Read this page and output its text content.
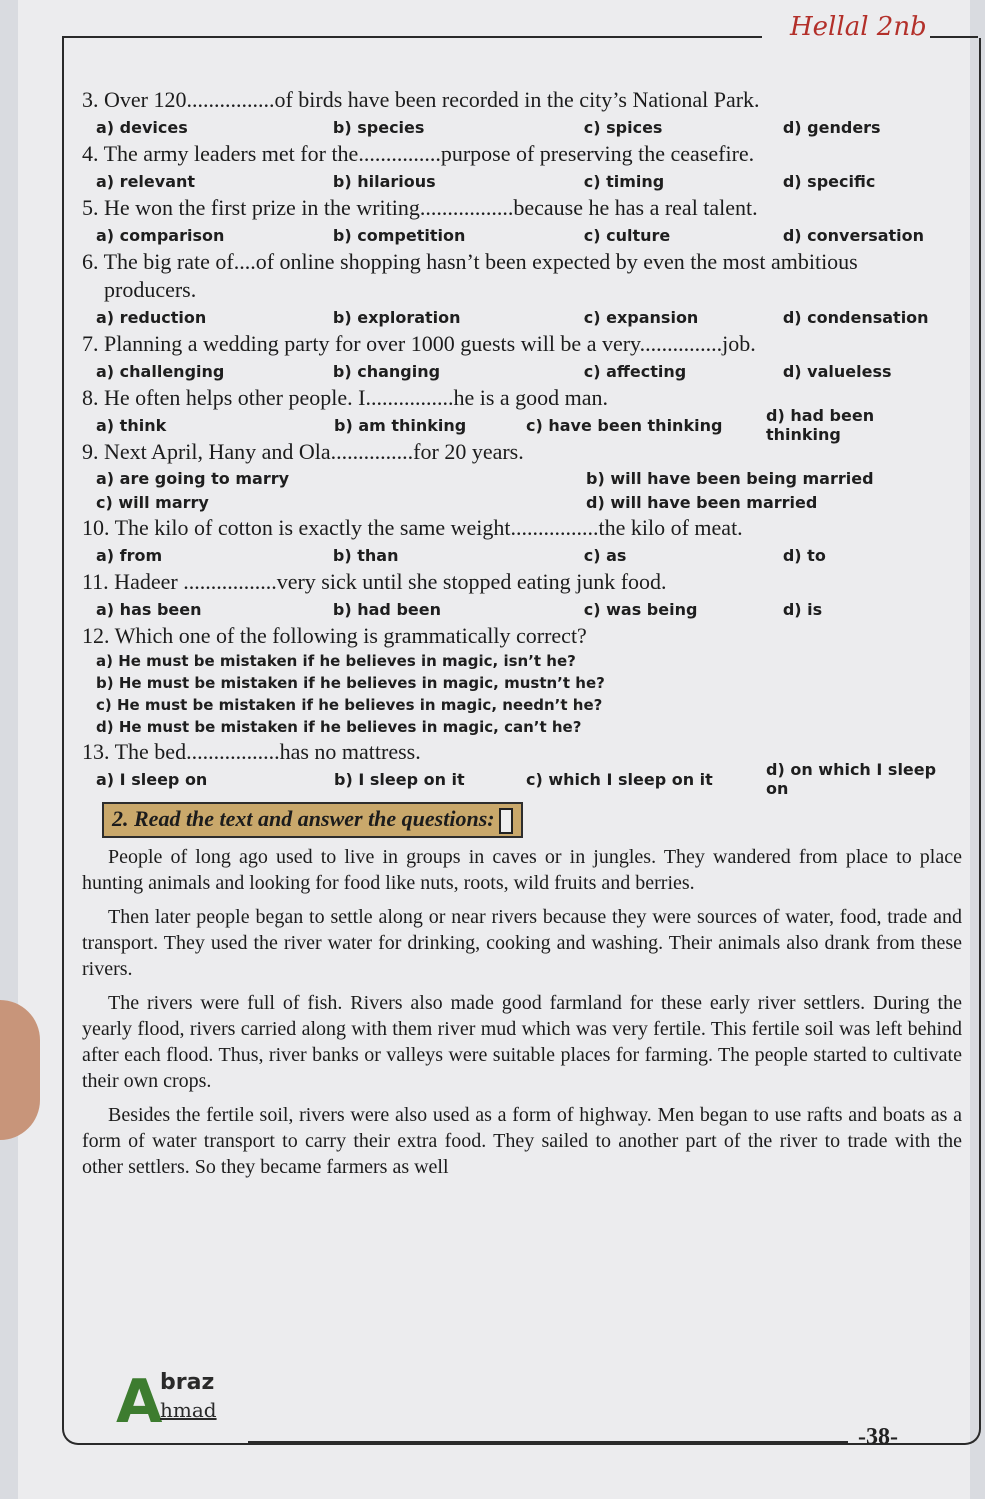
Hellal 2nb

3. Over 120................of birds have been recorded in the city’s National Park.

a) devices	b) species	c) spices	d) genders

4. The army leaders met for the...............purpose of preserving the ceasefire.

a) relevant	b) hilarious	c) timing	d) specific

5. He won the first prize in the writing.................because he has a real talent.

a) comparison	b) competition	c) culture	d) conversation

6. The big rate of....of online shopping hasn’t been expected by even the most ambitious

producers.

a) reduction	b) exploration	c) expansion	d) condensation

7. Planning a wedding party for over 1000 guests will be a very...............job.

a) challenging	b) changing	c) affecting	d) valueless

8. He often helps other people. I................he is a good man.

a) think	b) am thinking	c) have been thinking	d) had been thinking

9. Next April, Hany and Ola...............for 20 years.

a) are going to marry	b) will have been being married
c) will marry	d) will have been married

10. The kilo of cotton is exactly the same weight................the kilo of meat.

a) from	b) than	c) as	d) to

11. Hadeer .................very sick until she stopped eating junk food.

a) has been	b) had been	c) was being	d) is

12. Which one of the following is grammatically correct?

a) He must be mistaken if he believes in magic, isn’t he?
b) He must be mistaken if he believes in magic, mustn’t he?
c) He must be mistaken if he believes in magic, needn’t he?
d) He must be mistaken if he believes in magic, can’t he?

13. The bed.................has no mattress.

a) I sleep on	b) I sleep on it	c) which I sleep on it	d) on which I sleep on
2. Read the text and answer the questions:

People of long ago used to live in groups in caves or in jungles. They wandered from place to place hunting animals and looking for food like nuts, roots, wild fruits and berries.

Then later people began to settle along or near rivers because they were sources of water, food, trade and transport. They used the river water for drinking, cooking and washing. Their animals also drank from these rivers.

The rivers were full of fish. Rivers also made good farmland for these early river settlers. During the yearly flood, rivers carried along with them river mud which was very fertile. This fertile soil was left behind after each flood. Thus, river banks or valleys were suitable places for farming. The people started to cultivate their own crops.

Besides the fertile soil, rivers were also used as a form of highway. Men began to use rafts and boats as a form of water transport to carry their extra food. They sailed to another part of the river to trade with the other settlers. So they became farmers as well

A
braz
hmad
-38-
